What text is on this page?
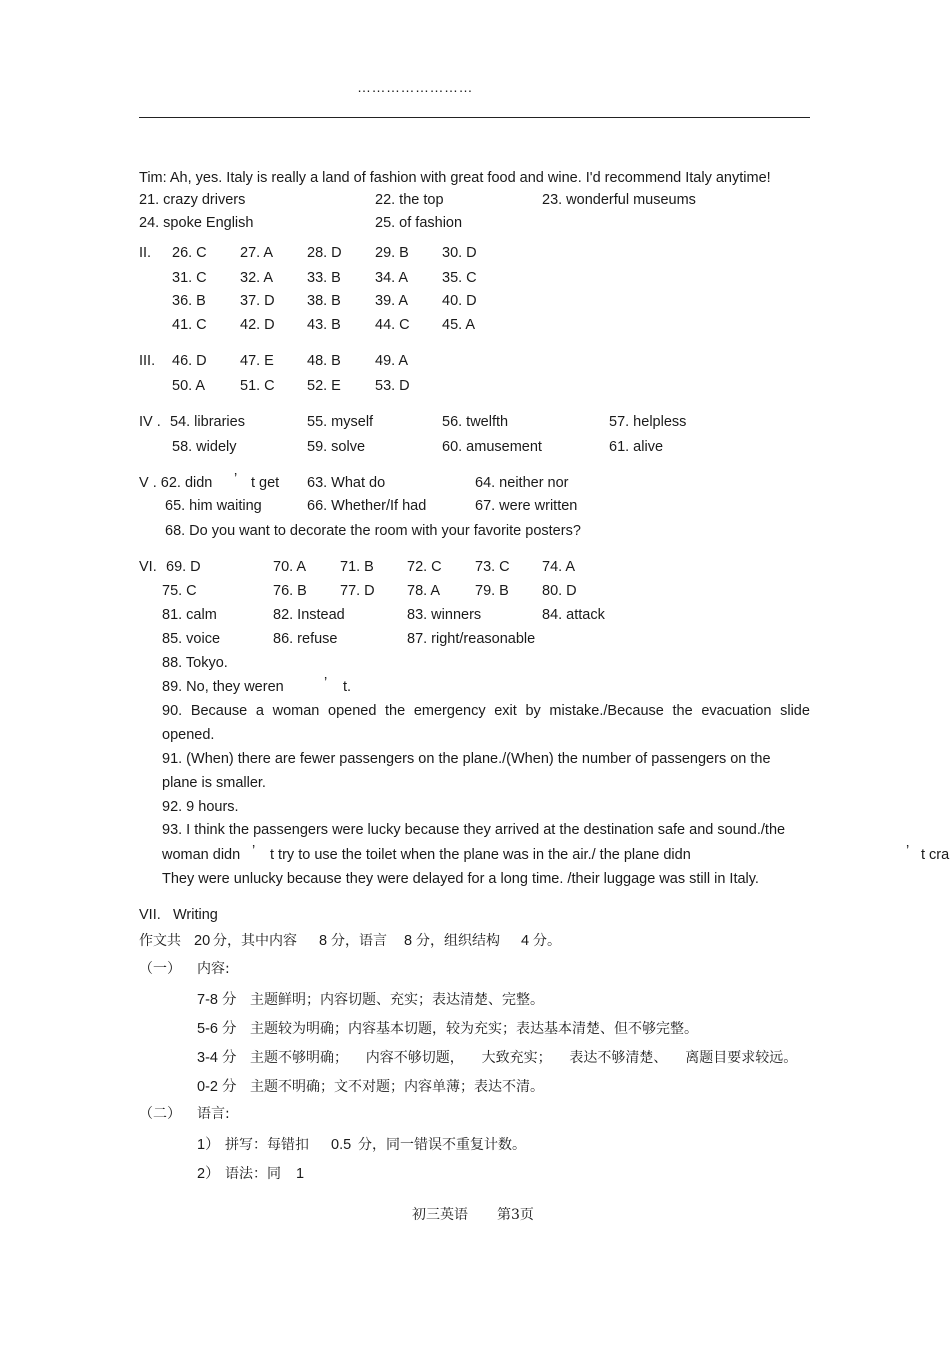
……………………
Tim: Ah, yes. Italy is really a land of fashion with great food and wine. I'd recommend Italy anytime!
21. crazy drivers	22. the top	23. wonderful museums
24. spoke English	25. of fashion
II. 26. C 27. A 28. D 29. B 30. D
31. C 32. A 33. B 34. A 35. C
36. B 37. D 38. B 39. A 40. D
41. C 42. D 43. B 44. C 45. A
III. 46. D 47. E 48. B 49. A
50. A 51. C 52. E 53. D
IV . 54. libraries	55. myself	56. twelfth	57. helpless
58. widely	59. solve	60. amusement	61. alive
V . 62. didn ’ t get 63. What do	64. neither nor
65. him waiting	66. Whether/If had	67. were written
68. Do you want to decorate the room with your favorite posters?
VI. 69. D	70. A 71. B 72. C 73. C 74. A
75. C	76. B 77. D 78. A 79. B 80. D
81. calm	82. Instead	83. winners	84. attack
85. voice	86. refuse	87. right/reasonable
88. Tokyo.
89. No, they weren	’ t.
90. Because a woman opened the emergency exit by mistake./Because the evacuation slide
opened.
91. (When) there are fewer passengers on the plane./(When) the number of passengers on the
plane is smaller.
92. 9 hours.
93. I think the passengers were lucky because they arrived at the destination safe and sound./the
woman didn ’ t try to use the toilet when the plane was in the air./ the plane didn	’ t cra
They were unlucky because they were delayed for a long time. /their luggage was still in Italy.
VII. Writing
作文共 20 分，其中内容 8 分，语言 8 分，组织结构 4 分。
（一） 内容:
7-8 分 主题鲜明；内容切题、充实；表达清楚、完整。
5-6 分 主题较为明确；内容基本切题，较为充实；表达基本清楚、但不够完整。
3-4 分 主题不够明确；    内容不够切题，    大致充实；    表达不够清楚、    离题目要求较远。
0-2 分 主题不明确；文不对题；内容单薄；表达不清。
（二） 语言:
1） 拼写：每错扣 0.5 分，同一错误不重复计数。
2） 语法：同 1
初三英语 第3页
